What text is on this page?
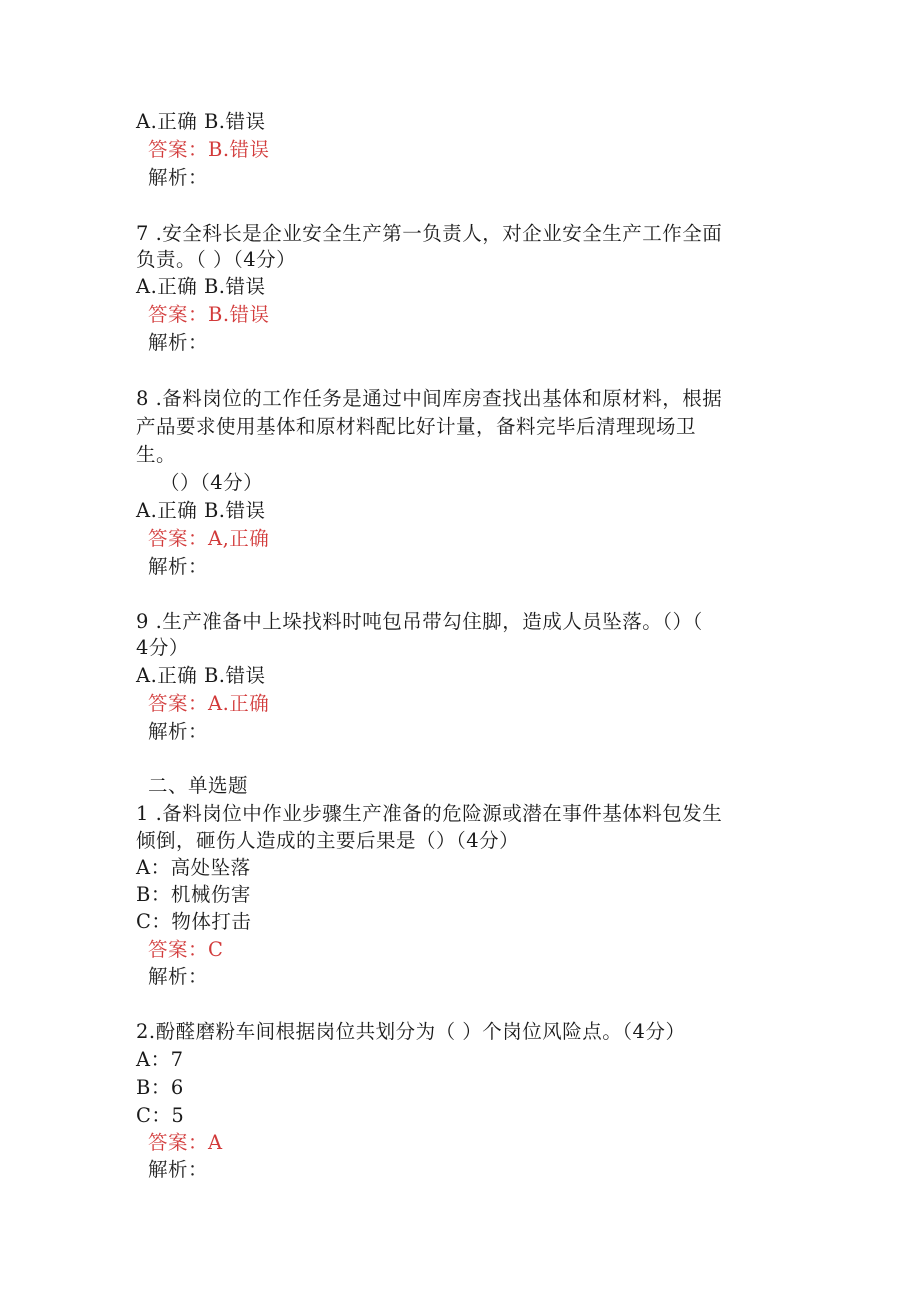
A.正确 B.错误
答案：B.错误
解析：
7 .安全科长是企业安全生产第一负责人，对企业安全生产工作全面
负责。（ ）（4分）
A.正确 B.错误
答案：B.错误
解析：
8 .备料岗位的工作任务是通过中间库房查找出基体和原材料，根据
产品要求使用基体和原材料配比好计量，备料完毕后清理现场卫
生。
（）（4分）
A.正确 B.错误
答案：A,正确
解析：
9 .生产准备中上垛找料时吨包吊带勾住脚，造成人员坠落。（）（
4分）
A.正确 B.错误
答案：A.正确
解析：
二、单选题
1 .备料岗位中作业步骤生产准备的危险源或潜在事件基体料包发生
倾倒，砸伤人造成的主要后果是（）（4分）
A：高处坠落
B：机械伤害
C：物体打击
答案：C
解析：
2.酚醛磨粉车间根据岗位共划分为（ ）个岗位风险点。（4分）
A：7
B：6
C：5
答案：A
解析：
